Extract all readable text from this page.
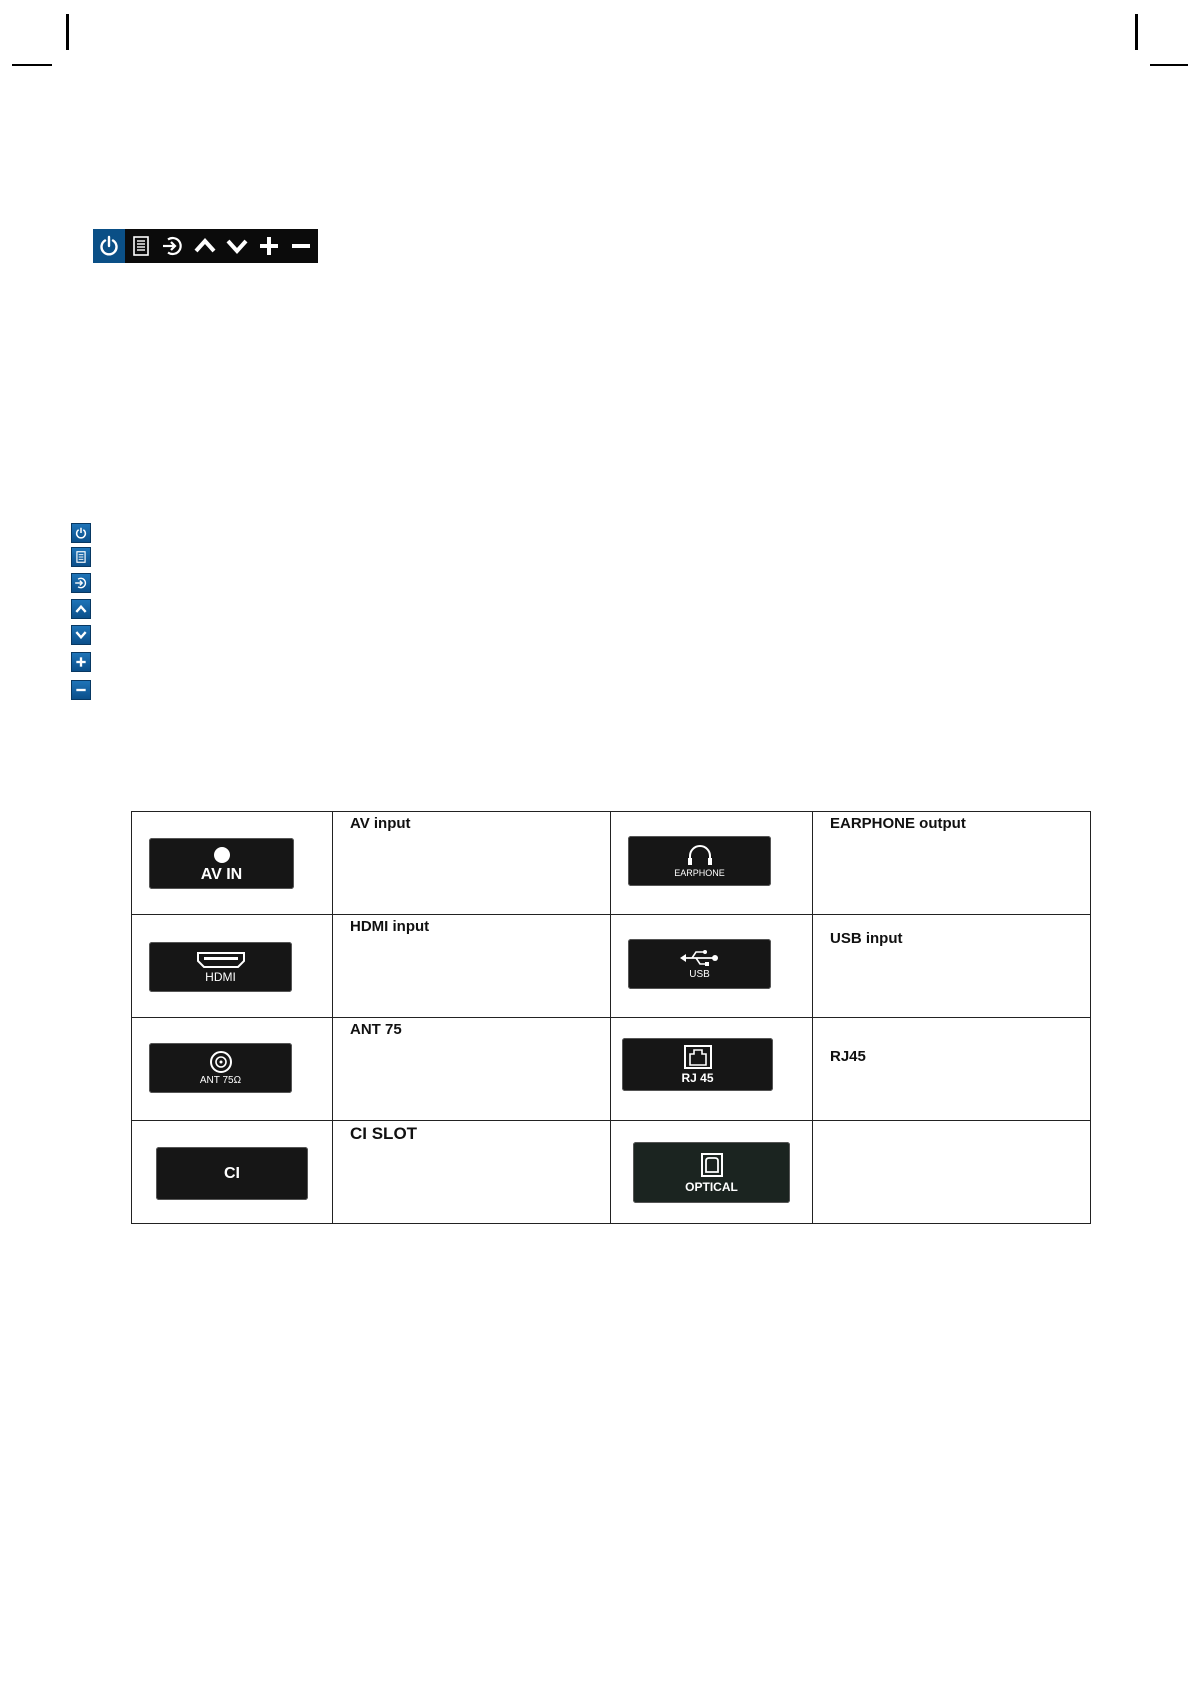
AV IN	AV input	EARPHONE	EARPHONE output

HDMI	HDMI input	USB	USB input

ANT 75Ω	ANT 75	RJ 45	RJ45

CI	CI SLOT	OPTICAL	
